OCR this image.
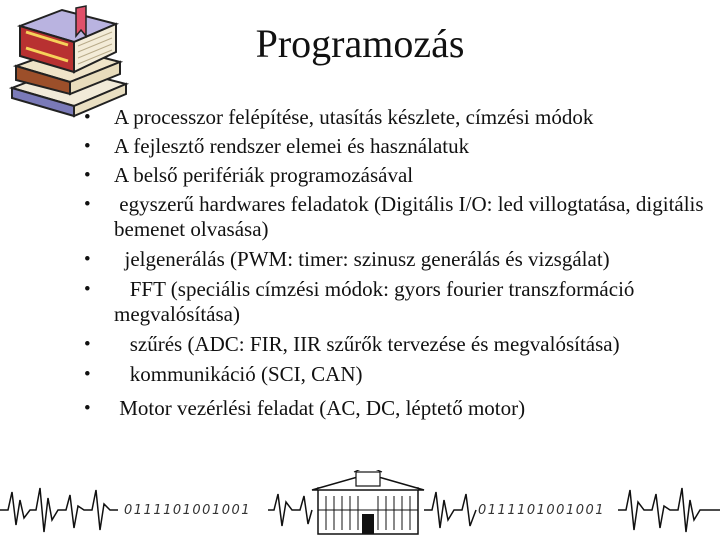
Programozás
•	A processzor felépítése, utasítás készlete, címzési módok
•	A fejlesztő rendszer elemei és használatuk
•	A belső perifériák programozásával
•	egyszerű hardwares feladatok (Digitális I/O: led villogtatása, digitális bemenet olvasása)
•	jelgenerálás (PWM: timer: szinusz generálás és vizsgálat)
•	FFT (speciális címzési módok: gyors fourier transzformáció megvalósítása)
•	szűrés (ADC: FIR, IIR szűrők tervezése és megvalósítása)
•	kommunikáció (SCI, CAN)
•	Motor vezérlési feladat (AC, DC, léptető motor)
0111101001001	0111101001001
